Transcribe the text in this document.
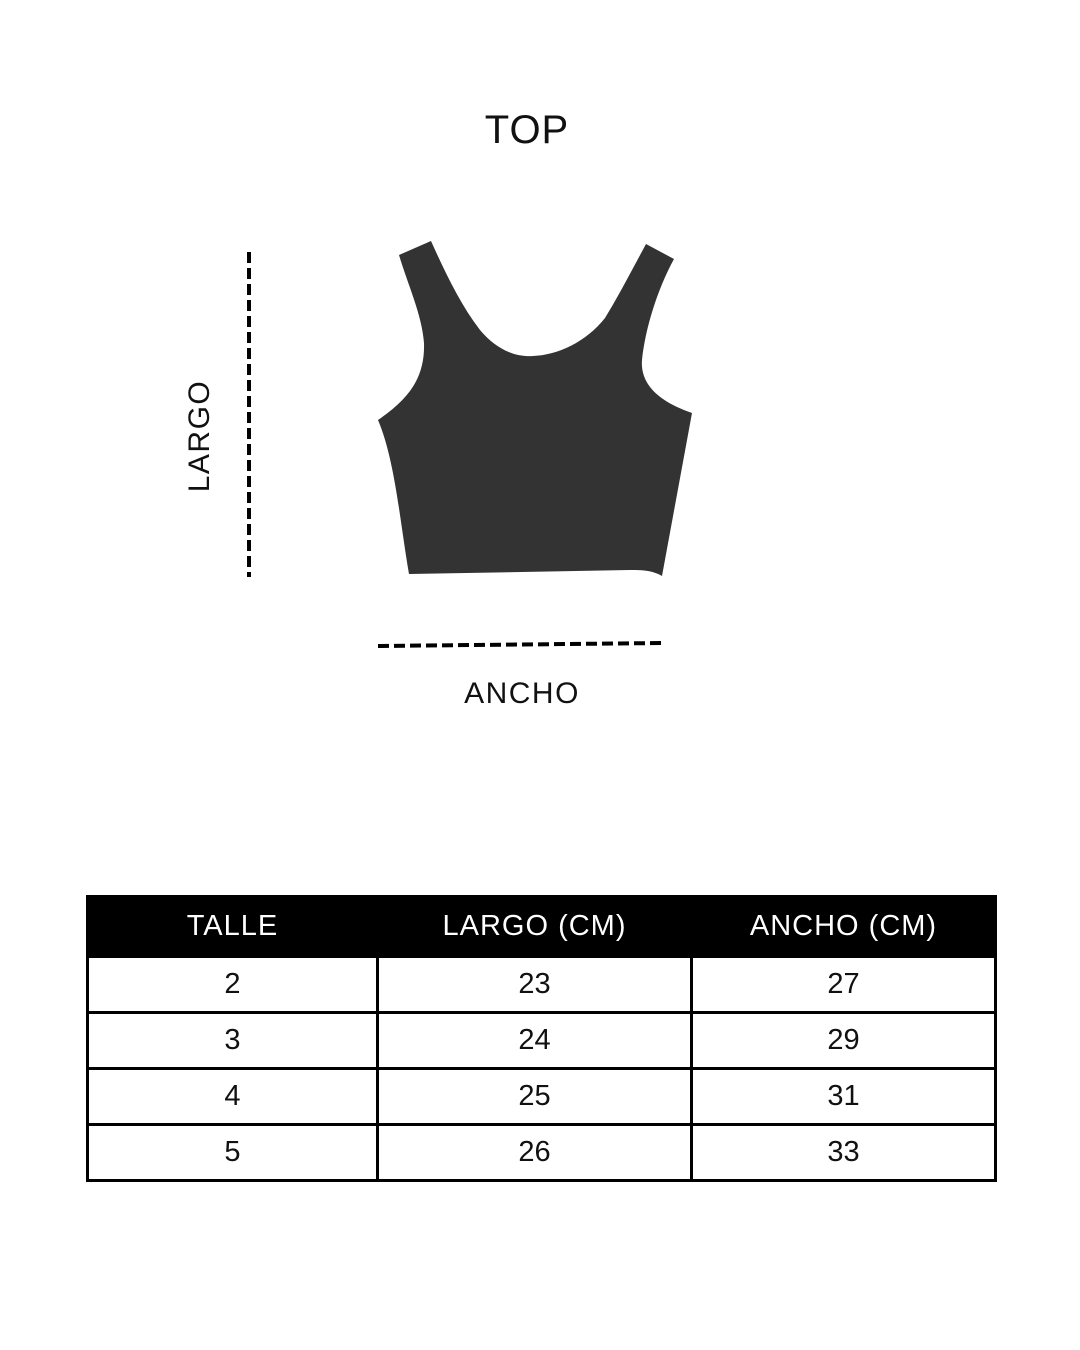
TOP
LARGO
ANCHO
TALLE	LARGO (CM)	ANCHO (CM)
2	23	27
3	24	29
4	25	31
5	26	33
